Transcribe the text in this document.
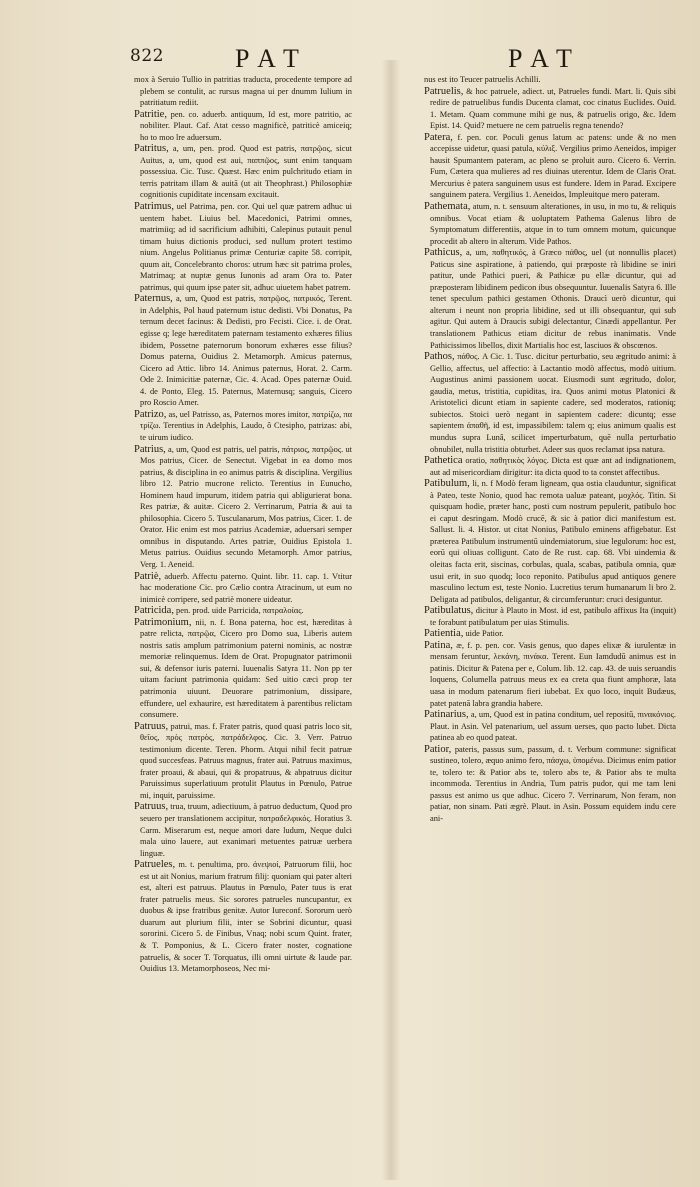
822	PAT	PAT

mox à Seruio Tullio in patritias traducta, procedente tempore ad plebem se contulit, ac rursus magna ui per dnumm Iulium in patritiatum rediit.

Patritie, pen. co. aduerb. antiquum, Id est, more patritio, ac nobiliter. Plaut. Caf. Atat cesso magnificè, patriticè amiceiq; ho to moo lre aduersum.

Patritus, a, um, pen. prod. Quod est patris, πατρῷος, sicut Auitus, a, um, quod est aui, παππῷος, sunt enim tanquam possessiua. Cic. Tusc. Quæst. Hæc enim pulchritudo etiam in terris patritam illam & auitā (ut ait Theophrast.) Philosophiæ cognitionis cupiditate incensam excitauit.

Patrimus, uel Patrima, pen. cor. Qui uel quæ patrem adhuc ui uentem habet. Liuius bel. Macedonici, Patrimi omnes, matrimiiq; ad id sacrificium adhibiti, Calepinus putauit penul timam huius dictionis produci, sed nullum protert testimo nium. Angelus Politianus primæ Centuriæ capite 58. corripit, quum ait, Concelebranto choros: utrum hæc sit patrima proles, Matrimaq; at nuptæ genus Iunonis ad aram Ora to. Pater patrimus, qui quum ipse pater sit, adhuc uiuetem habet patrem.

Paternus, a, um, Quod est patris, πατρῷος, πατρικός, Terent. in Adelphis, Pol haud paternum istuc dedisti. Vbi Donatus, Pa ternum decet facinus: & Dedisti, pro Fecisti. Cice. i. de Orat. egisse q; lege hæreditatem paternam testamento exhæres filius ibidem, Possetne paternorum bonorum exhæres esse filius? Domus paterna, Ouidius 2. Metamorph. Amicus paternus, Cicero ad Attic. libro 14. Animus paternus, Horat. 2. Carm. Ode 2. Inimicitiæ paternæ, Cic. 4. Acad. Opes paternæ Ouid. 4. de Ponto, Eleg. 15. Paternus, Maternusq; sanguis, Cicero pro Roscio Amer.

Patrizo, as, uel Patrisso, as, Paternos mores imitor, πατρίζω, πα τρίζω. Terentius in Adelphis, Laudo, ô Ctesipho, patrizas: abi, te uirum iudico.

Patrius, a, um, Quod est patris, uel patris, πάτριος, πατρῷος. ut Mos patrius, Cicer. de Senectut. Vigebat in ea domo mos patrius, & disciplina in eo animus patris & disciplina. Vergilius libro 12. Patrio mucrone relicto. Terentius in Eunucho, Hominem haud impurum, itidem patria qui abligurierat bona. Res patriæ, & auitæ. Cicero 2. Verrinarum, Patria & aui ta philosophia. Cicero 5. Tusculanarum, Mos patrius, Cicer. 1. de Orator. Hic enim est mos patrius Academiæ, aduersari semper omnibus in disputando. Artes patriæ, Ouidius Epistola 1. Metus patrius. Ouidius secundo Metamorph. Amor patrius, Verg. 1. Aeneid.

Patriè, aduerb. Affectu paterno. Quint. libr. 11. cap. 1. Vtitur hac moderatione Cic. pro Cælio contra Atracinum, ut eum no inimicè corripere, sed patriè monere uideatur.

Patricida, pen. prod. uide Parricida, πατραλοίας.

Patrimonium, nii, n. f. Bona paterna, hoc est, hæreditas à patre relicta, πατρῷα, Cicero pro Domo sua, Liberis autem nostris satis amplum patrimonium paterni nominis, ac nostræ memoriæ relinquemus. Idem de Orat. Propugnator patrimonii sui, & defensor iuris paterni. Iuuenalis Satyra 11. Non pp ter uitam faciunt patrimonia quidam: Sed uitio cæci prop ter patrimonia uiuunt. Deuorare patrimonium, dissipare, effundere, uel exhaurire, est hæreditatem à parentibus relictam consumere.

Patruus, patrui, mas. f. Frater patris, quod quasi patris loco sit, θεῖος, πρὸς πατρὸς, πατράδελφος. Cic. 3. Verr. Patruo testimonium dicente. Teren. Phorm. Atqui nihil fecit patruæ quod succesfeas. Patruus magnus, frater aui. Patruus maximus, frater proaui, & abaui, qui & propatruus, & abpatruus dicitur Paruissimus superlatiuum protulit Plautus in Pœnulo, Patrue mi, inquit, paruissime.

Patruus, trua, truum, adiectiuum, à patruo deductum, Quod pro seuero per translationem accipitur, πατραδελφικός. Horatius 3. Carm. Miserarum est, neque amori dare ludum, Neque dulci mala uino lauere, aut exanimari metuentes patruæ uerbera linguæ.

Patrueles, m. t. penultima, pro. ἀνεψιοί, Patruorum filii, hoc est ut ait Nonius, marium fratrum filij: quoniam qui pater alteri est, alteri est patruus. Plautus in Pœnulo, Pater tuus is erat frater patruelis meus. Sic sorores patrueles nuncupantur, ex duobus & ipse fratribus genitæ. Autor Iureconf. Sororum uerò duarum aut plurium filii, inter se Sobrini dicuntur, quasi sororini. Cicero 5. de Finibus, Vnaq; nobi scum Quint. frater, & T. Pomponius, & L. Cicero frater noster, cognatione patruelis, & socer T. Torquatus, illi omni uirtute & laude par. Ouidius 13. Metamorphoseos, Nec mi-

nus est ito Teucer patruelis Achilli.

Patruelis, & hoc patruele, adiect. ut, Patrueles fundi. Mart. li. Quis sibi redire de patruelibus fundis Ducenta clamat, coc cinatus Euclides. Ouid. 1. Metam. Quam commune mihi ge nus, & patruelis origo, &c. Idem Epist. 14. Quid? metuere ne cem patruelis regna tenendo?

Patera, f. pen. cor. Poculi genus latum ac patens: unde & no men accepisse uidetur, quasi patula, κύλιξ. Vergilius primo Aeneidos, impiger hausit Spumantem pateram, ac pleno se proluit auro. Cicero 6. Verrin. Fum, Cætera qua mulieres ad res diuinas uterentur. Idem de Claris Orat. Mercurius è patera sanguinem usus est fundere. Idem in Parad. Excipere sanguinem patera. Vergilius 1. Aeneidos, Impleuitque mero pateram.

Pathemata, atum, n. t. sensuum alterationes, in usu, in mo tu, & reliquis omnibus. Vocat etiam & uoluptatem Pathema Galenus libro de Symptomatum differentiis, atque in to tum omnem motum, quicunque procedit ab altero in alterum. Vide Pathos.

Pathicus, a, um, παθητικός, à Græco πάθος, uel (ut nonnullis placet) Paticus sine aspiratione, à patiendo, qui præposte rà libidine se iniri patitur, unde Pathici pueri, & Pathicæ pu ellæ dicuntur, qui ad præposteram libidinem pedicon ibus obsequuntur. Iuuenalis Satyra 6. Ille tenet speculum pathici gestamen Othonis. Draucì uerò dicuntur, qui alterum i neunt non propria libidine, sed ut illi obsequantur, qui sub agitur. Qui autem à Draucis subigi delectantur, Cinædi appellantur. Per translationem Pathicus etiam dicitur de rebus inanimatis. Vnde Pathicissimos libellos, dixit Martialis hoc est, lasciuos & obscœnos.

Pathos, πάθος. A Cic. 1. Tusc. dicitur perturbatio, seu ægritudo animi: à Gellio, affectus, uel affectio: à Lactantio modò affectus, modò uitium. Augustinus animi passionem uocat. Eiusmodi sunt ægritudo, dolor, gaudia, metus, tristitia, cupiditas, ira. Quos animi motus Platonici & Aristotelici dicunt etiam in sapiente cadere, sed moderatos, rationiq; subiectos. Stoici uerò negant in sapientem cadere: dicuntq; esse sapientem ἀπαθῆ, id est, impassibilem: talem q; eius animum qualis est mundus supra Lunâ, scilicet imperturbatum, quē nulla perturbatio obnubilet, nulla tristitia obturbet. Adeer sus quos reclamat ipsa natura.

Pathetica oratio, παθητικὸς λόγος. Dicta est quæ ant ad indignationem, aut ad misericordiam dirigitur: ita dicta quod to ta constet affectibus.

Patibulum, li, n. f Modò feram ligneam, qua ostia clauduntur, significat à Pateo, teste Nonio, quod hac remota ualuæ pateant, μοχλός. Titin. Si quisquam hodie, præter hanc, posti cum nostrum pepulerit, patibulo hoc ei caput desringam. Modò crucē, & sic à patior dici manifestum est. Sallust. li. 4. Histor. ut citat Nonius, Patibulo eminens affigebatur. Est præterea Patibulum instrumentū uindemiatorum, siue legulorum: hoc est, eorū qui oliuas colligunt. Cato de Re rust. cap. 68. Vbi uindemia & oleitas facta erit, siscinas, corbulas, quala, scabas, patibula omnia, quæ usui erit, in suo quodq; loco reponito. Patibulus apud antiquos genere masculino lectum est, teste Nonio. Lucretius terum humanarum li bro 2. Deligata ad patibulos, deligantur, & circumferuntur: cruci desiguntur.

Patibulatus, dicitur à Plauto in Most. id est, patibulo affixus Ita (inquit) te forabunt patibulatum per uias Stimulis.

Patientia, uide Patior.

Patina, æ, f. p. pen. cor. Vasis genus, quo dapes elixæ & iurulentæ in mensam feruntur, λεκάνη, πινάκα. Terent. Eun Iamdudū animus est in patinis. Dicitur & Patena per e, Colum. lib. 12. cap. 43. de uuis seruandis loquens, Columella patruus meus ex ea creta qua fiunt amphoræ, lata uasa in modum patenarum fieri iubebat. Ex quo loco, inquit Budæus, patet patenā labra grandia habere.

Patinarius, a, um, Quod est in patina conditum, uel repositū, πινακόνιος. Plaut. in Asin. Vel patenarium, uel assum uerses, quo pacto lubet. Dicta patinea ab eo quod pateat.

Patior, pateris, passus sum, passum, d. t. Verbum commune: significat sustineo, tolero, æquo animo fero, πάσχω, ὑπομένω. Dicimus enim patior te, tolero te: & Patior abs te, tolero abs te, & Patior abs te multa incommoda. Terentius in Andria, Tum patris pudor, qui me tam leni passus est animo us que adhuc. Cicero 7. Verrinarum, Non feram, non patiar, non sinam. Pati ægrè. Plaut. in Asin. Possum equidem indu cere ani-
